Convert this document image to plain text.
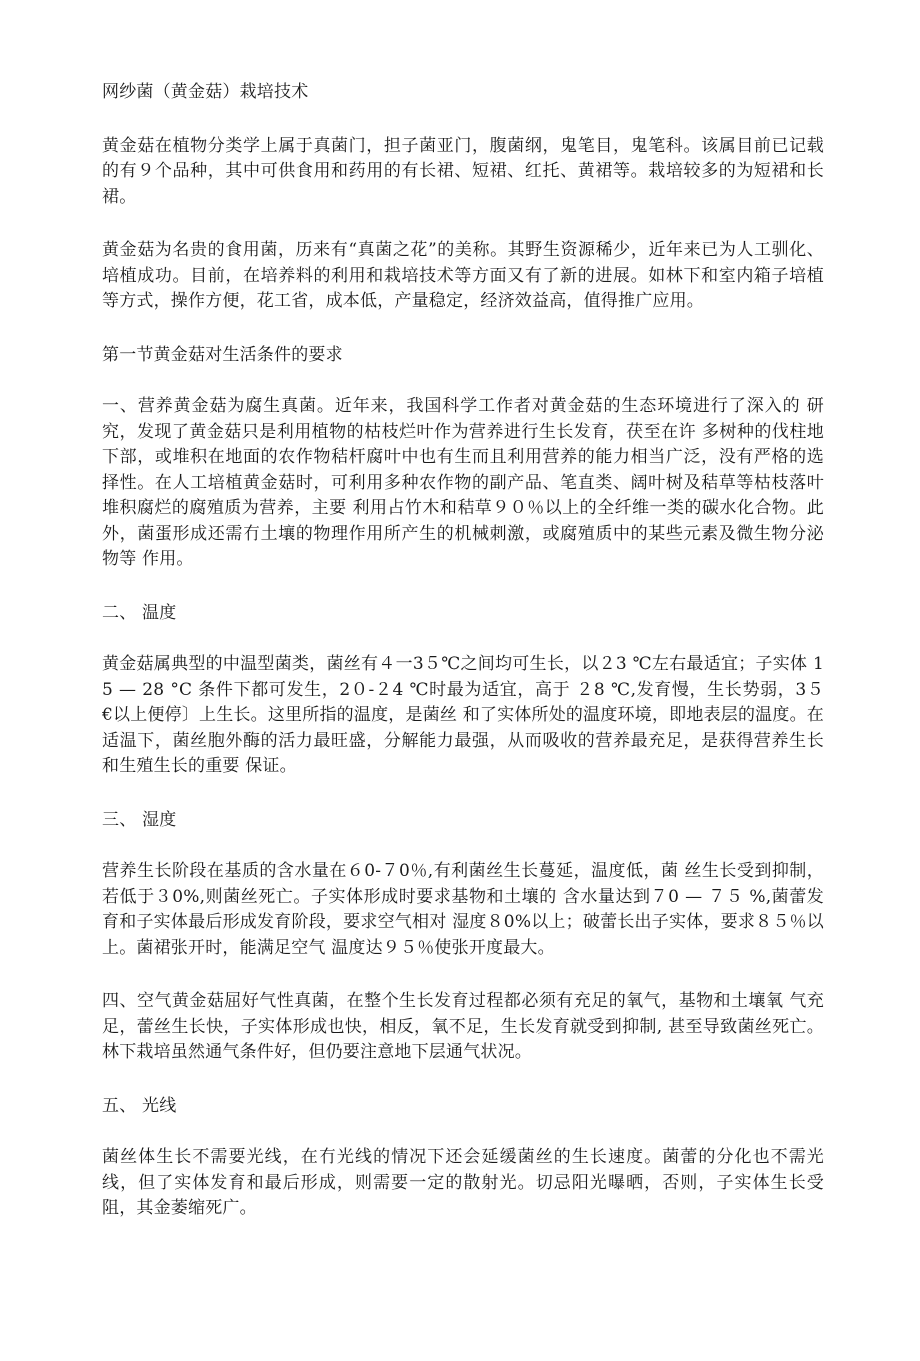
网纱菌（黄金菇）栽培技术
黄金菇在植物分类学上属于真菌门，担子菌亚门，腹菌纲，鬼笔目，鬼笔科。该属目前已记载的有９个品种，其中可供食用和药用的有长裙、短裙、红托、黄裙等。栽培较多的为短裙和长裙。
黄金菇为名贵的食用菌，历来有“真菌之花”的美称。其野生资源稀少，近年来已为人工驯化、培植成功。目前，在培养料的利用和栽培技术等方面又有了新的进展。如林下和室内箱子培植等方式，操作方便，花工省，成本低，产量稳定，经济效益高，值得推广应用。
第一节黄金菇对生活条件的要求
一、营养黄金菇为腐生真菌。近年来，我国科学工作者对黄金菇的生态环境进行了深入的 研究，发现了黄金菇只是利用植物的枯枝烂叶作为营养进行生长发育，茯至在许 多树种的伐柱地下部，或堆积在地面的农作物秸杆腐叶中也有生而且利用营养的能力相当广泛，没有严格的选择性。在人工培植黄金菇时，可利用多种农作物的副产品、笔直类、阔叶树及秸草等枯枝落叶堆积腐烂的腐殖质为营养，主要 利用占竹木和秸草９０％以上的全纤维一类的碳水化合物。此外，菌蛋形成还需冇土壤的物理作用所产生的机械刺激，或腐殖质中的某些元素及微生物分泌物等 作用。
二、 温度
黄金菇属典型的中温型菌类，菌丝有４一3５℃之间均可生长，以２3 ℃左右最适宜；子实体 15 — 28 °C 条件下都可发生，2０-２4 ℃时最为适宜，高于 ２8 ℃,发育慢，生长势弱，3５€以上便停〕上生长。这里所指的温度，是菌丝 和了实体所处的温度环境，即地表层的温度。在适温下，菌丝胞外酶的活力最旺盛，分解能力最强，从而吸收的营养最充足，是获得营养生长和生殖生长的重要 保证。
三、 湿度
营养生长阶段在基质的含水量在６0-７0％,有利菌丝生长蔓延，温度低，菌 丝生长受到抑制，若低于３0%,则菌丝死亡。子实体形成时要求基物和土壤的 含水量达到７0 — ７５ %,菌蕾发育和子实体最后形成发育阶段，要求空气相对 湿度８0%以上；破蕾长出子实体，要求８５％以上。菌裙张开时，能满足空气 温度达９５％使张开度最大。
四、空气黄金菇屈好气性真菌，在整个生长发育过程都必须有充足的氧气，基物和土壤氧 气充足，蕾丝生长快，子实体形成也快，相反，氧不足，生长发育就受到抑制, 甚至导致菌丝死亡。林下栽培虽然通气条件好，但仍要注意地下层通气状况。
五、 光线
菌丝体生长不需要光线，在冇光线的情况下还会延缓菌丝的生长速度。菌蕾的分化也不需光线，但了实体发育和最后形成，则需要一定的散射光。切忌阳光曝晒，否则，子实体生长受阻，其金萎缩死广。
